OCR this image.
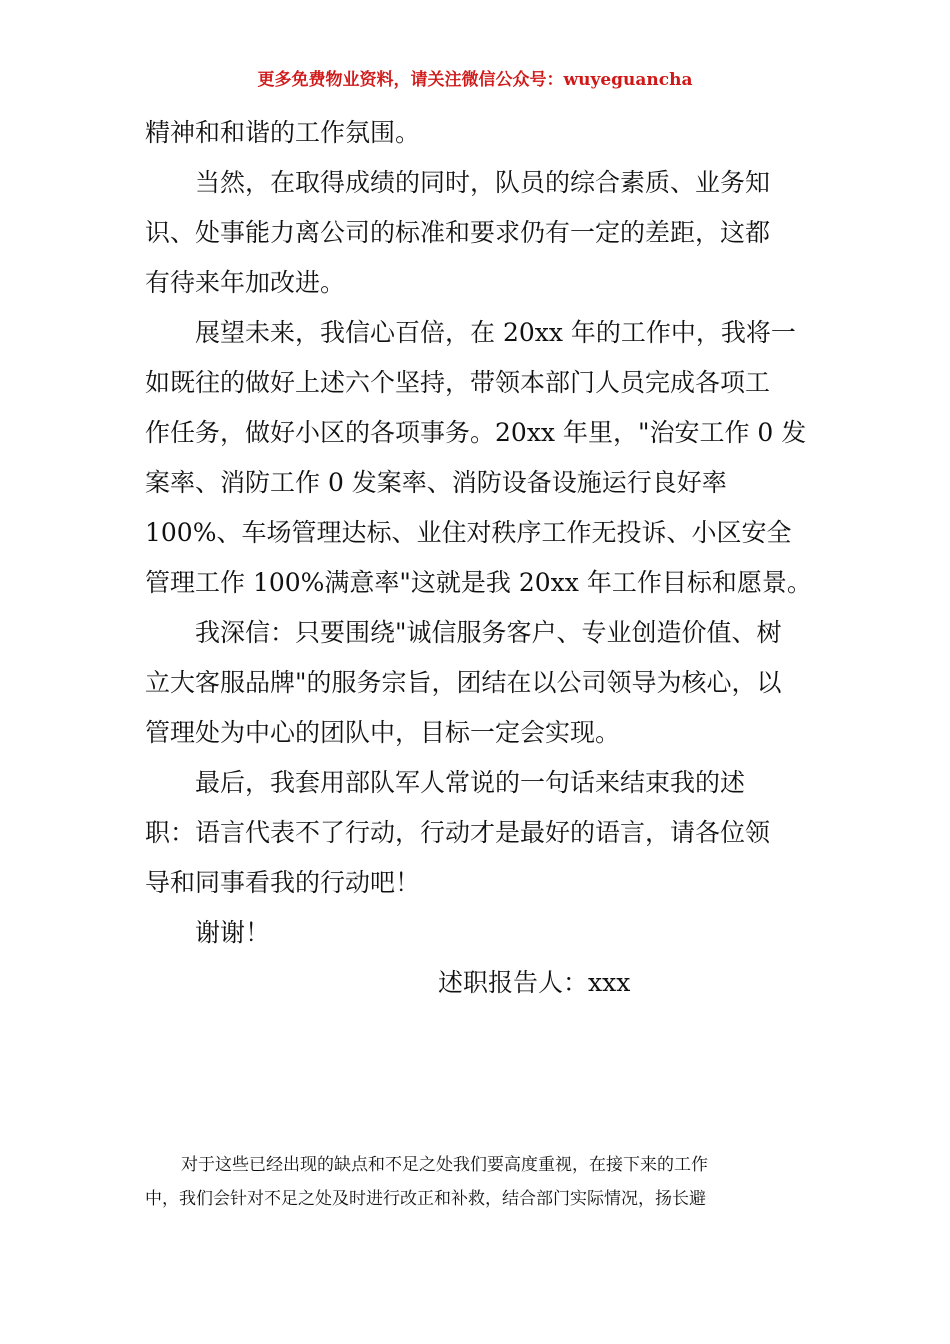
更多免费物业资料，请关注微信公众号：wuyeguancha
精神和和谐的工作氛围。
当然，在取得成绩的同时，队员的综合素质、业务知
识、处事能力离公司的标准和要求仍有一定的差距，这都
有待来年加改进。
展望未来，我信心百倍，在 20xx 年的工作中，我将一
如既往的做好上述六个坚持，带领本部门人员完成各项工
作任务，做好小区的各项事务。20xx 年里，"治安工作 0 发
案率、消防工作 0 发案率、消防设备设施运行良好率
100%、车场管理达标、业住对秩序工作无投诉、小区安全
管理工作 100%满意率"这就是我 20xx 年工作目标和愿景。
我深信：只要围绕"诚信服务客户、专业创造价值、树
立大客服品牌"的服务宗旨，团结在以公司领导为核心，以
管理处为中心的团队中，目标一定会实现。
最后，我套用部队军人常说的一句话来结束我的述
职：语言代表不了行动，行动才是最好的语言，请各位领
导和同事看我的行动吧！
谢谢！
述职报告人：xxx
对于这些已经出现的缺点和不足之处我们要高度重视，在接下来的工作
中，我们会针对不足之处及时进行改正和补救，结合部门实际情况，扬长避
